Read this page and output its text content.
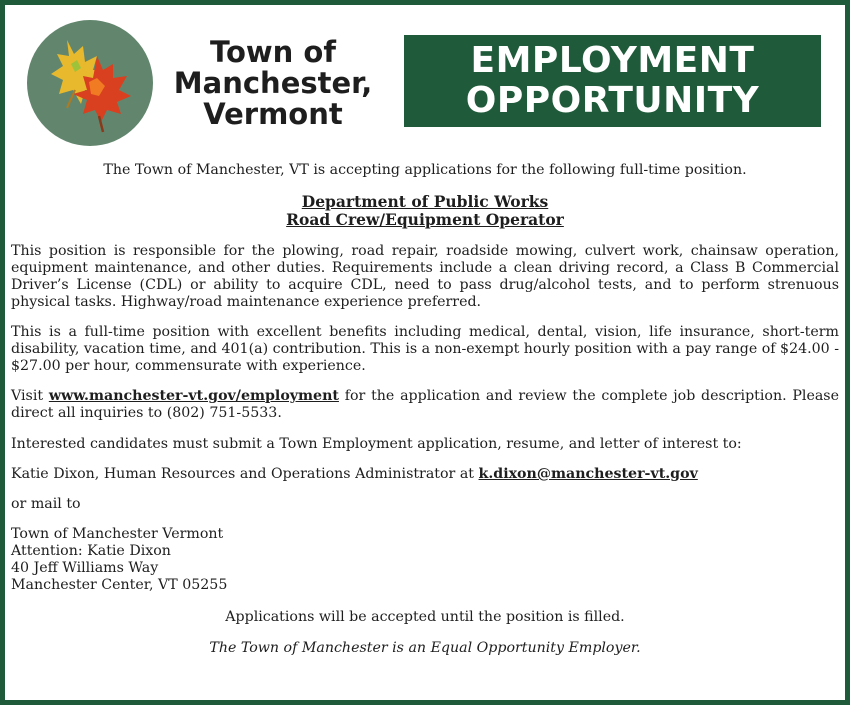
Town of
Manchester,
Vermont
EMPLOYMENT
OPPORTUNITY

The Town of Manchester, VT is accepting applications for the following full-time position.

Department of Public Works
Road Crew/Equipment Operator

This position is responsible for the plowing, road repair, roadside mowing, culvert work, chainsaw operation, equipment maintenance, and other duties. Requirements include a clean driving record, a Class B Commercial Driver’s License (CDL) or ability to acquire CDL, need to pass drug/alcohol tests, and to perform strenuous physical tasks. Highway/road maintenance experience preferred.

This is a full-time position with excellent benefits including medical, dental, vision, life insurance, short-term disability, vacation time, and 401(a) contribution. This is a non-exempt hourly position with a pay range of $24.00 - $27.00 per hour, commensurate with experience.

Visit www.manchester-vt.gov/employment for the application and review the complete job description. Please direct all inquiries to (802) 751-5533.

Interested candidates must submit a Town Employment application, resume, and letter of interest to:

Katie Dixon, Human Resources and Operations Administrator at k.dixon@manchester-vt.gov

or mail to

Town of Manchester Vermont
Attention: Katie Dixon
40 Jeff Williams Way
Manchester Center, VT 05255

Applications will be accepted until the position is filled.

The Town of Manchester is an Equal Opportunity Employer.
